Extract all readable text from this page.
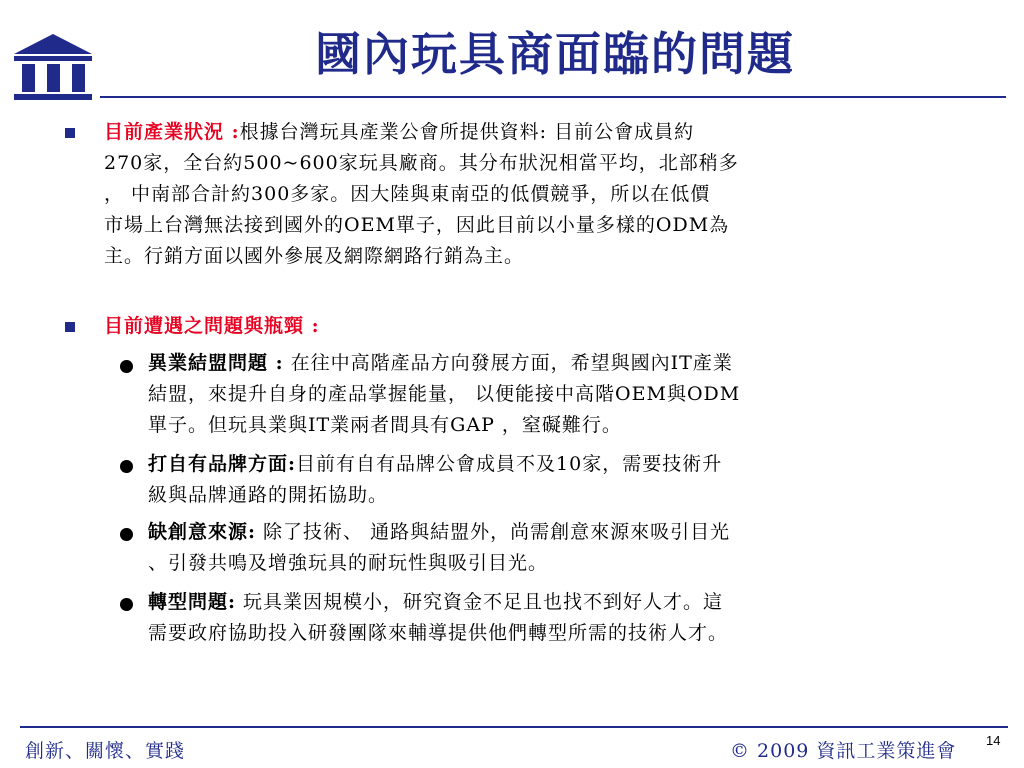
國內玩具商面臨的問題
目前產業狀況 :根據台灣玩具產業公會所提供資料: 目前公會成員約
270家，全台約500~600家玩具廠商。其分布狀況相當平均，北部稍多
， 中南部合計約300多家。因大陸與東南亞的低價競爭，所以在低價
市場上台灣無法接到國外的OEM單子，因此目前以小量多樣的ODM為
主。行銷方面以國外參展及網際網路行銷為主。
目前遭遇之問題與瓶頸 :
異業結盟問題 : 在往中高階產品方向發展方面，希望與國內IT產業
結盟，來提升自身的產品掌握能量， 以便能接中高階OEM與ODM
單子。但玩具業與IT業兩者間具有GAP ，窒礙難行。
打自有品牌方面:目前有自有品牌公會成員不及10家，需要技術升
級與品牌通路的開拓協助。
缺創意來源: 除了技術、 通路與結盟外，尚需創意來源來吸引目光
、引發共鳴及增強玩具的耐玩性與吸引目光。
轉型問題: 玩具業因規模小，研究資金不足且也找不到好人才。這
需要政府協助投入研發團隊來輔導提供他們轉型所需的技術人才。
創新、關懷、實踐	© 2009 資訊工業策進會 14
